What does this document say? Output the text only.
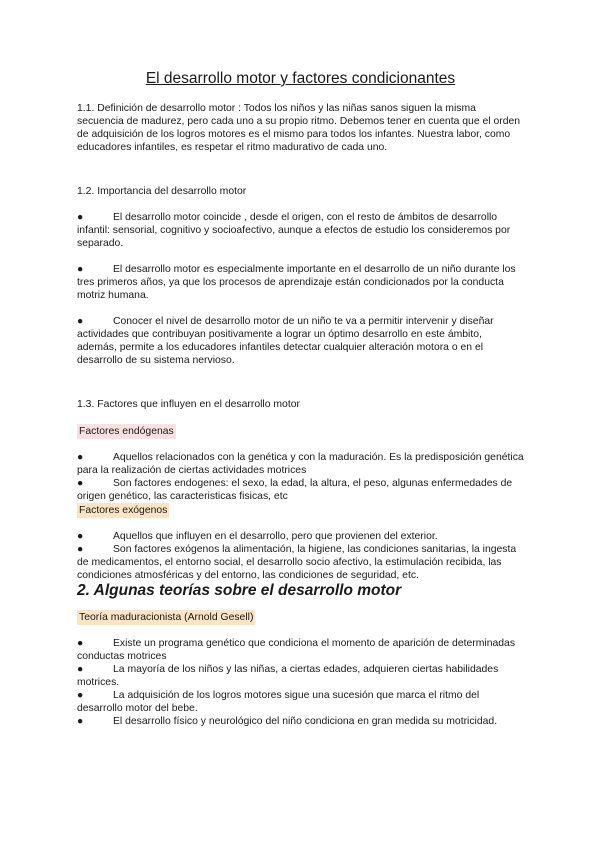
El desarrollo motor y factores condicionantes

1.1. Definición de desarrollo motor : Todos los niños y las niñas sanos siguen la misma secuencia de madurez, pero cada uno a su propio ritmo. Debemos tener en cuenta que el orden de adquisición de los logros motores es el mismo para todos los infantes. Nuestra labor, como educadores infantiles, es respetar el ritmo madurativo de cada uno.

1.2. Importancia del desarrollo motor

●	El desarrollo motor coincide , desde el origen, con el resto de ámbitos de desarrollo infantil: sensorial, cognitivo y socioafectivo, aunque a efectos de estudio los consideremos por separado.

●	El desarrollo motor es especialmente importante en el desarrollo de un niño durante los tres primeros años, ya que los procesos de aprendizaje están condicionados por la conducta motriz humana.

●	Conocer el nivel de desarrollo motor de un niño te va a permitir intervenir y diseñar actividades que contribuyan positivamente a lograr un óptimo desarrollo en este ámbito, además, permite a los educadores infantiles detectar cualquier alteración motora o en el desarrollo de su sistema nervioso.

1.3. Factores que influyen en el desarrollo motor

Factores endógenas

●	Aquellos relacionados con la genética y con la maduración. Es la predisposición genética para la realización de ciertas actividades motrices

●	Son factores endogenes: el sexo, la edad, la altura, el peso, algunas enfermedades de origen genético, las caracteristicas fisicas, etc

Factores exógenos

●	Aquellos que influyen en el desarrollo, pero que provienen del exterior.

●	Son factores exógenos la alimentación, la higiene, las condiciones sanitarias, la ingesta de medicamentos, el entorno social, el desarrollo socio afectivo, la estimulación recibida, las condiciones atmosféricas y del entorno, las condiciones de seguridad, etc.

2. Algunas teorías sobre el desarrollo motor

Teoría maduracionista (Arnold Gesell)

●	Existe un programa genético que condiciona el momento de aparición de determinadas conductas motrices

●	La mayoría de los niños y las niñas, a ciertas edades, adquieren ciertas habilidades motrices.

●	La adquisición de los logros motores sigue una sucesión que marca el ritmo del desarrollo motor del bebe.

●	El desarrollo físico y neurológico del niño condiciona en gran medida su motricidad.
